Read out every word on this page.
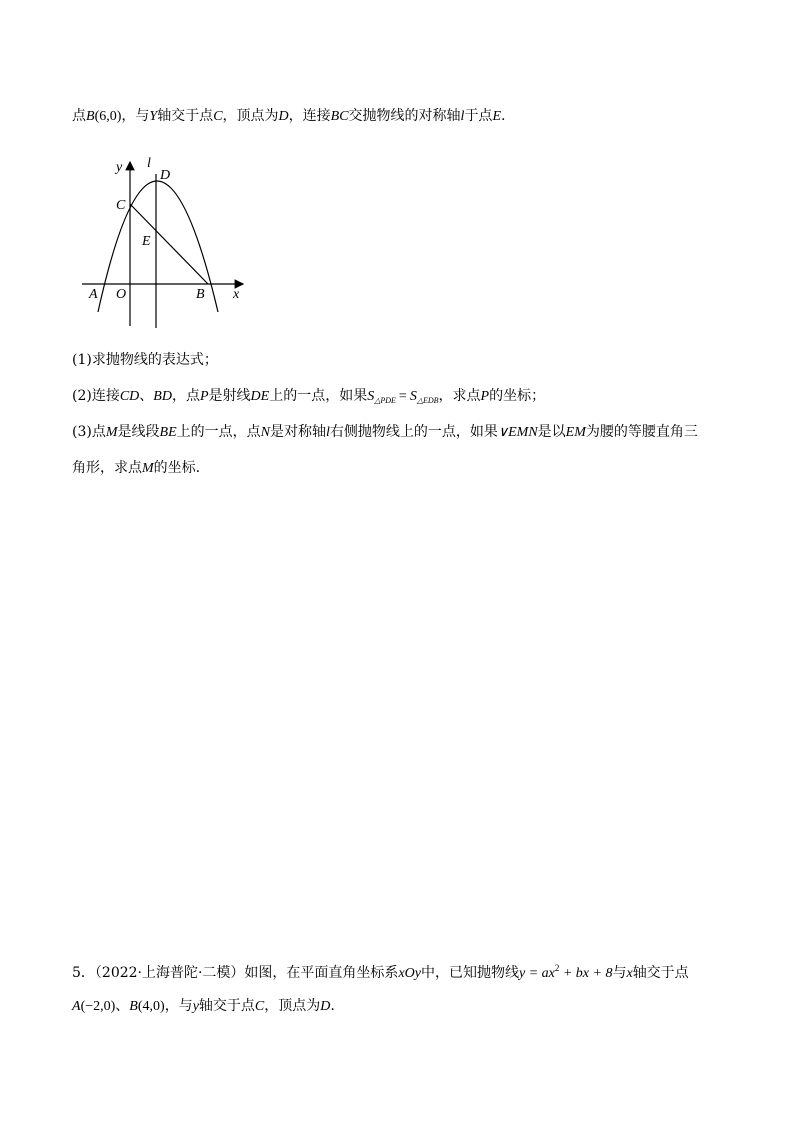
点B(6,0)，与Y轴交于点C，顶点为D，连接BC交抛物线的对称轴l于点E.
y l
D
C
E
A O	B x
(1)求抛物线的表达式；
(2)连接CD、BD，点P是射线DE上的一点，如果$S_{\triangle PDE} = S_{\triangle EDB}$，求点P的坐标；
(3)点M是线段BE上的一点，点N是对称轴l右侧抛物线上的一点，如果∨EMN是以EM为腰的等腰直角三
角形，求点M的坐标.
5．（2022·上海普陀·二模）如图，在平面直角坐标系xOy中，已知抛物线$y = ax^2$ + bx + 8与x轴交于点
A(−2,0)、B(4,0)，与y轴交于点C，顶点为D.
